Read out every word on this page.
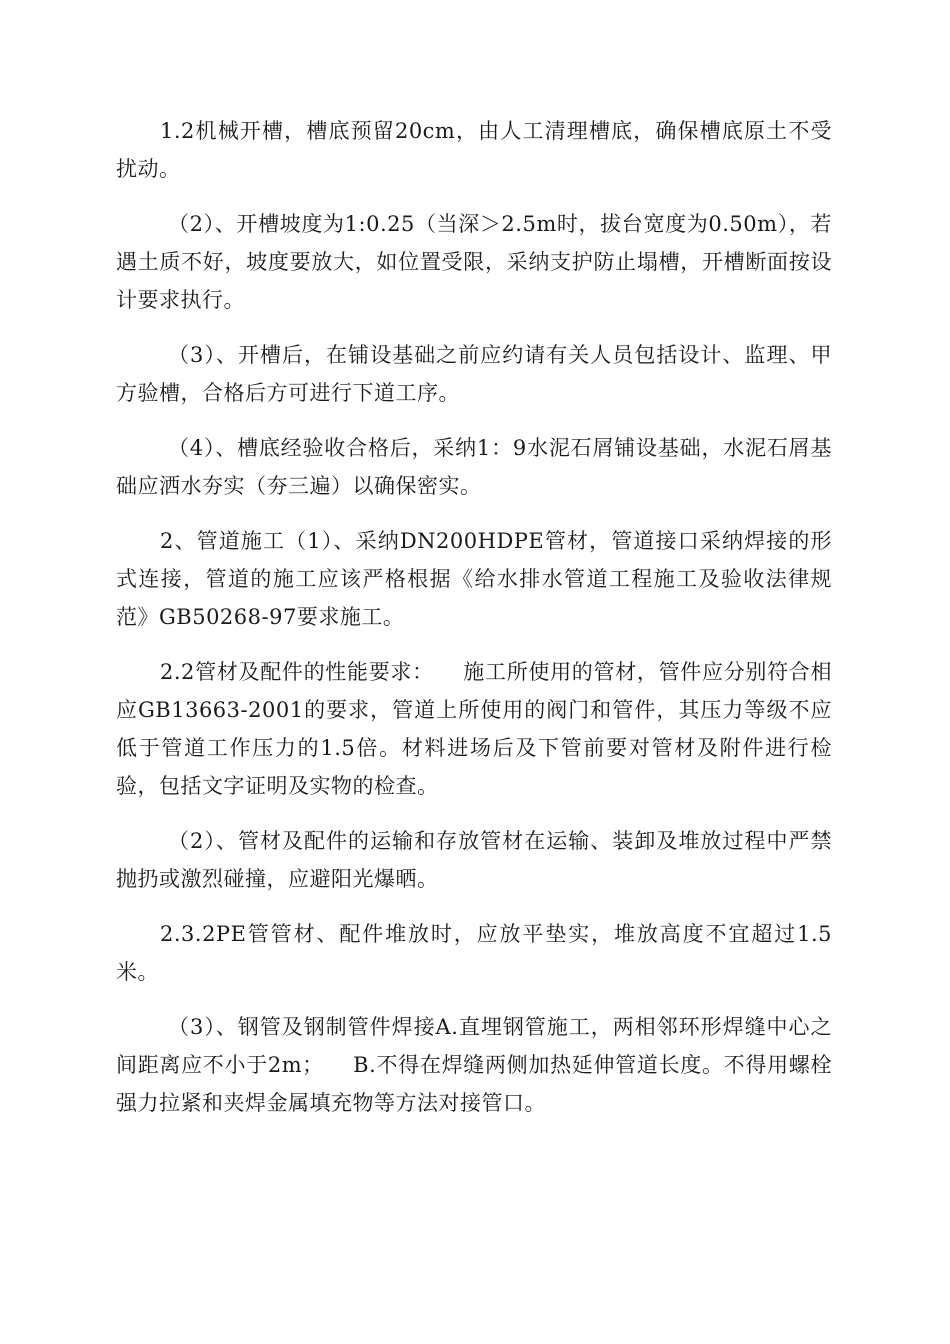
1.2机械开槽，槽底预留20cm，由人工清理槽底，确保槽底原土不受扰动。

（2）、开槽坡度为1:0.25（当深＞2.5m时，拔台宽度为0.50m），若遇土质不好，坡度要放大，如位置受限，采纳支护防止塌槽，开槽断面按设计要求执行。

（3）、开槽后，在铺设基础之前应约请有关人员包括设计、监理、甲方验槽，合格后方可进行下道工序。

（4）、槽底经验收合格后，采纳1：9水泥石屑铺设基础，水泥石屑基础应洒水夯实（夯三遍）以确保密实。

2、管道施工（1）、采纳DN200HDPE管材，管道接口采纳焊接的形式连接，管道的施工应该严格根据《给水排水管道工程施工及验收法律规范》GB50268-97要求施工。

2.2管材及配件的性能要求：    施工所使用的管材，管件应分别符合相应GB13663-2001的要求，管道上所使用的阀门和管件，其压力等级不应低于管道工作压力的1.5倍。材料进场后及下管前要对管材及附件进行检验，包括文字证明及实物的检查。

（2）、管材及配件的运输和存放管材在运输、装卸及堆放过程中严禁抛扔或激烈碰撞，应避阳光爆晒。

2.3.2PE管管材、配件堆放时，应放平垫实，堆放高度不宜超过1.5米。

（3）、钢管及钢制管件焊接A.直埋钢管施工，两相邻环形焊缝中心之间距离应不小于2m；    B.不得在焊缝两侧加热延伸管道长度。不得用螺栓强力拉紧和夹焊金属填充物等方法对接管口。
